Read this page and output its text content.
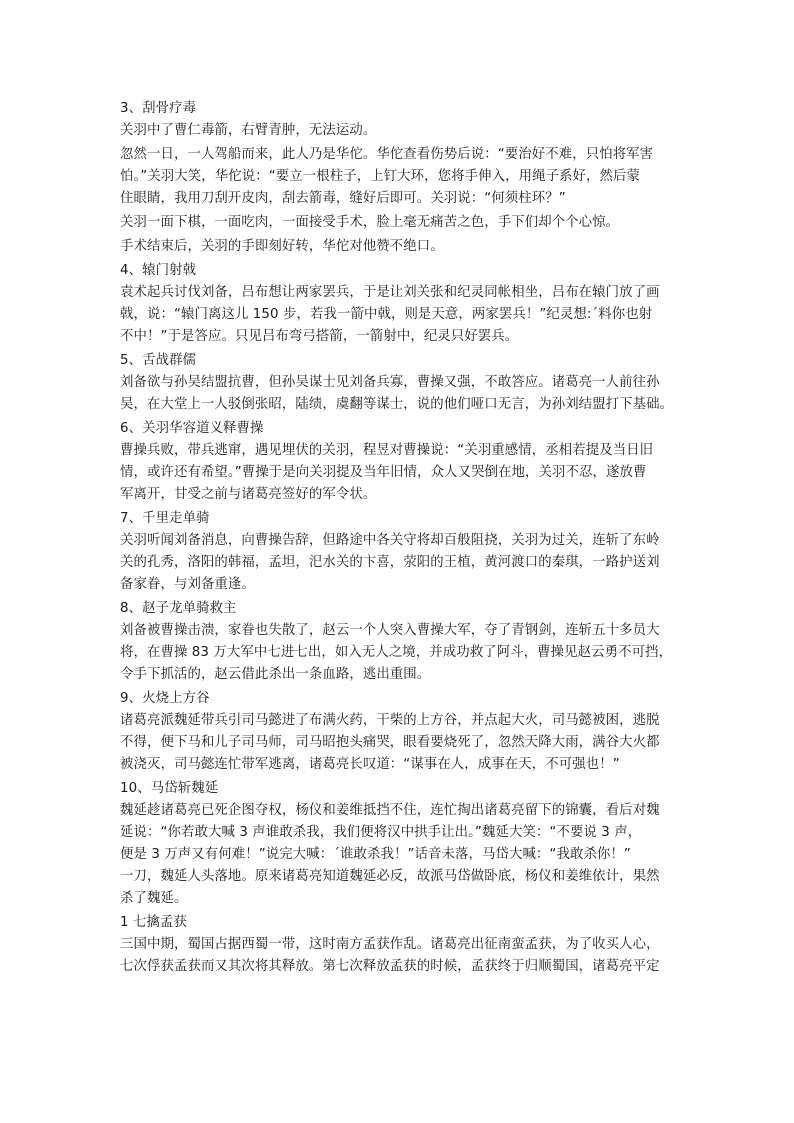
3、刮骨疗毒
关羽中了曹仁毒箭，右臂青肿，无法运动。
忽然一日，一人驾船而来，此人乃是华佗。华佗查看伤势后说：“要治好不难，只怕将军害
怕。”关羽大笑，华佗说：“要立一根柱子，上钉大环，您将手伸入，用绳子系好，然后蒙
住眼睛，我用刀刮开皮肉，刮去箭毒，缝好后即可。关羽说：“何须柱环？”
关羽一面下棋，一面吃肉，一面接受手术，脸上毫无痛苦之色，手下们却个个心惊。
手术结束后，关羽的手即刻好转，华佗对他赞不绝口。
4、辕门射戟
袁术起兵讨伐刘备，吕布想让两家罢兵，于是让刘关张和纪灵同帐相坐，吕布在辕门放了画
戟，说：“辕门离这儿 150 步，若我一箭中戟，则是天意，两家罢兵！”纪灵想:ˊ料你也射
不中！”于是答应。只见吕布弯弓搭箭，一箭射中，纪灵只好罢兵。
5、舌战群儒
刘备欲与孙吴结盟抗曹，但孙吴谋士见刘备兵寡，曹操又强，不敢答应。诸葛亮一人前往孙
吴，在大堂上一人驳倒张昭，陆绩，虞翻等谋士，说的他们哑口无言，为孙刘结盟打下基础。
6、关羽华容道义释曹操
曹操兵败，带兵逃窜，遇见埋伏的关羽，程昱对曹操说：“关羽重感情，丞相若提及当日旧
情，或许还有希望。”曹操于是向关羽提及当年旧情，众人又哭倒在地，关羽不忍，遂放曹
军离开，甘受之前与诸葛亮签好的军令状。
7、千里走单骑
关羽听闻刘备消息，向曹操告辞，但路途中各关守将却百般阻挠，关羽为过关，连斩了东岭
关的孔秀，洛阳的韩福，孟坦，汜水关的卞喜，荥阳的王植，黄河渡口的秦琪，一路护送刘
备家眷，与刘备重逢。
8、赵子龙单骑救主
刘备被曹操击溃，家眷也失散了，赵云一个人突入曹操大军，夺了青钢剑，连斩五十多员大
将，在曹操 83 万大军中七进七出，如入无人之境，并成功救了阿斗，曹操见赵云勇不可挡，
令手下抓活的，赵云借此杀出一条血路，逃出重围。
9、火烧上方谷
诸葛亮派魏延带兵引司马懿进了布满火药，干柴的上方谷，并点起大火，司马懿被困，逃脱
不得，便下马和儿子司马师，司马昭抱头痛哭，眼看要烧死了，忽然天降大雨，满谷大火都
被浇灭，司马懿连忙带军逃离，诸葛亮长叹道：“谋事在人，成事在天，不可强也！”
10、马岱斩魏延
魏延趁诸葛亮已死企图夺权，杨仪和姜维抵挡不住，连忙掏出诸葛亮留下的锦囊，看后对魏
延说：“你若敢大喊 3 声谁敢杀我，我们便将汉中拱手让出。”魏延大笑：“不要说 3 声，
便是 3 万声又有何难！”说完大喊：ˊ谁敢杀我！”话音未落，马岱大喊：“我敢杀你！”
一刀，魏延人头落地。原来诸葛亮知道魏延必反，故派马岱做卧底，杨仪和姜维依计，果然
杀了魏延。
1 七擒孟获
三国中期，蜀国占据西蜀一带，这时南方孟获作乱。诸葛亮出征南蛮孟获，为了收买人心，
七次俘获孟获而又其次将其释放。第七次释放孟获的时候，孟获终于归顺蜀国，诸葛亮平定
